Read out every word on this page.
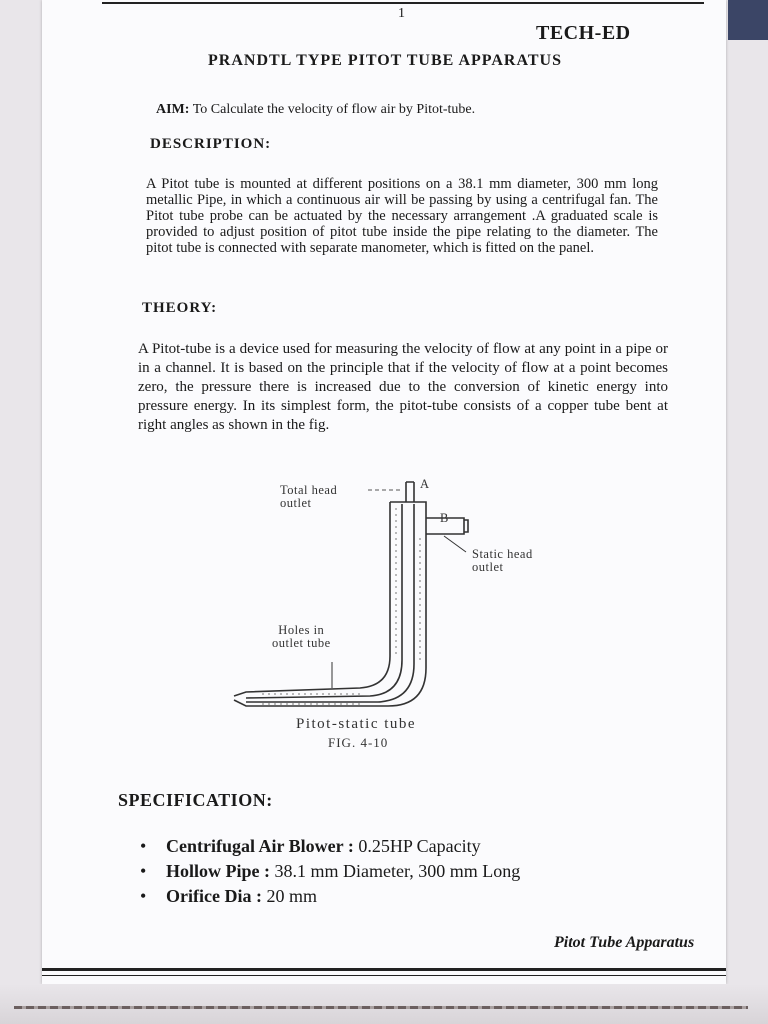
1
TECH-ED
PRANDTL TYPE PITOT TUBE APPARATUS
AIM: To Calculate the velocity of flow air by Pitot-tube.
DESCRIPTION:
A Pitot tube is mounted at different positions on a 38.1 mm diameter, 300 mm long metallic Pipe, in which a continuous air will be passing by using a centrifugal fan. The Pitot tube probe can be actuated by the necessary arrangement .A graduated scale is provided to adjust position of pitot tube inside the pipe relating to the diameter. The pitot tube is connected with separate manometer, which is fitted on the panel.
THEORY:
A Pitot-tube is a device used for measuring the velocity of flow at any point in a pipe or in a channel. It is based on the principle that if the velocity of flow at a point becomes zero, the pressure there is increased due to the conversion of kinetic energy into pressure energy. In its simplest form, the pitot-tube consists of a copper tube bent at right angles as shown in the fig.
Total head
outlet
A
B
Static head
outlet
Holes in
outlet tube
Pitot-static tube
FIG. 4-10
SPECIFICATION:
• Centrifugal Air Blower : 0.25HP Capacity
• Hollow Pipe : 38.1 mm Diameter, 300 mm Long
• Orifice Dia : 20 mm
Pitot Tube Apparatus
